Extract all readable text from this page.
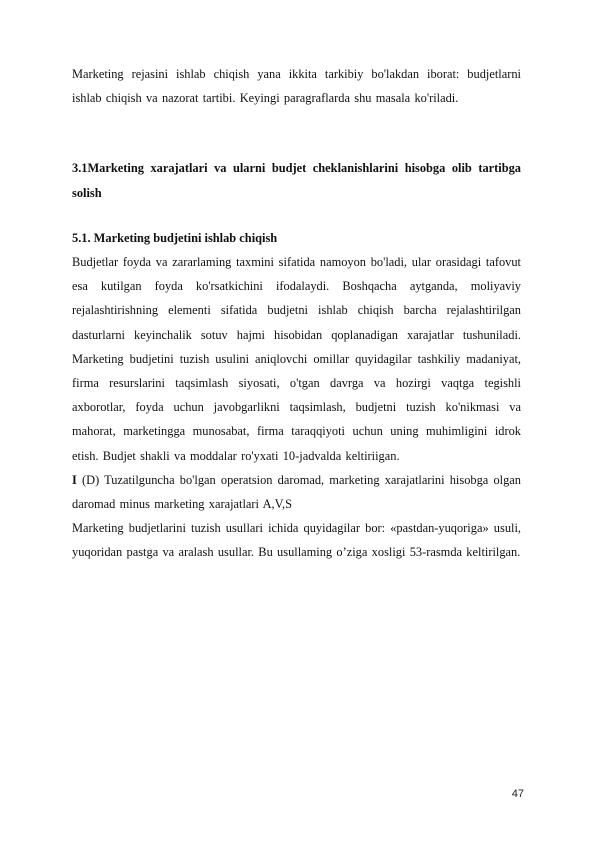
Marketing rejasini ishlab chiqish yana ikkita tarkibiy bo'lakdan iborat: budjetlarni ishlab chiqish va nazorat tartibi. Keyingi paragraflarda shu masala ko'riladi.

3.1Marketing xarajatlari va ularni budjet cheklanishlarini hisobga olib tartibga solish

5.1. Marketing budjetini ishlab chiqish

Budjetlar foyda va zararlaming taxmini sifatida namoyon bo'ladi, ular orasidagi tafovut esa kutilgan foyda ko'rsatkichini ifodalaydi. Boshqacha aytganda, moliyaviy rejalashtirishning elementi sifatida budjetni ishlab chiqish barcha rejalashtirilgan dasturlarni keyinchalik sotuv hajmi hisobidan qoplanadigan xarajatlar tushuniladi. Marketing budjetini tuzish usulini aniqlovchi omillar quyidagilar tashkiliy madaniyat, firma resurslarini taqsimlash siyosati, o'tgan davrga va hozirgi vaqtga tegishli axborotlar, foyda uchun javobgarlikni taqsimlash, budjetni tuzish ko'nikmasi va mahorat, marketingga munosabat, firma taraqqiyoti uchun uning muhimligini idrok etish. Budjet shakli va moddalar ro'yxati 10-jadvalda keltiriigan.

I (D) Tuzatilguncha bo'lgan operatsion daromad, marketing xarajatlarini hisobga olgan daromad minus marketing xarajatlari A,V,S

Marketing budjetlarini tuzish usullari ichida quyidagilar bor: «pastdan-yuqoriga» usuli, yuqoridan pastga va aralash usullar. Bu usullaming o’ziga xosligi 53-rasmda keltirilgan.

47
